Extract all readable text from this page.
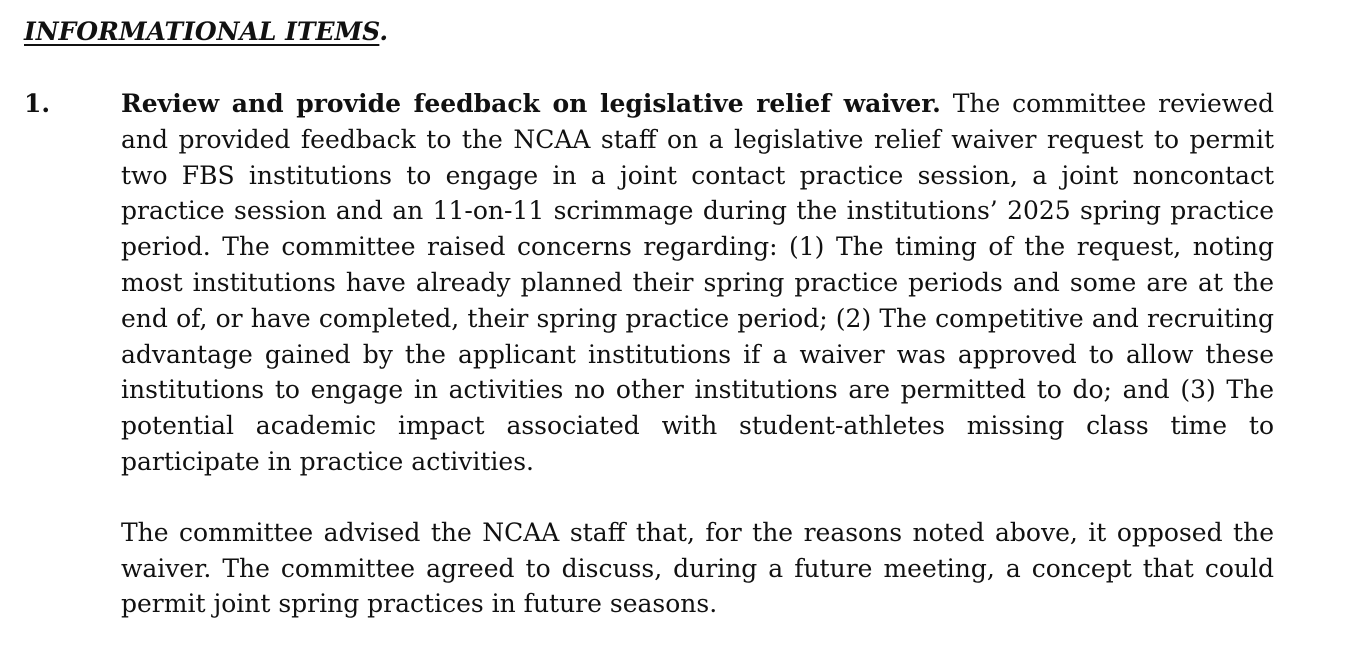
INFORMATIONAL ITEMS.
1.	Review and provide feedback on legislative relief waiver. The committee reviewed and provided feedback to the NCAA staff on a legislative relief waiver request to permit two FBS institutions to engage in a joint contact practice session, a joint noncontact practice session and an 11-on-11 scrimmage during the institutions’ 2025 spring practice period. The committee raised concerns regarding: (1) The timing of the request, noting most institutions have already planned their spring practice periods and some are at the end of, or have completed, their spring practice period; (2) The competitive and recruiting advantage gained by the applicant institutions if a waiver was approved to allow these institutions to engage in activities no other institutions are permitted to do; and (3) The potential academic impact associated with student-athletes missing class time to participate in practice activities.

The committee advised the NCAA staff that, for the reasons noted above, it opposed the waiver. The committee agreed to discuss, during a future meeting, a concept that could permit joint spring practices in future seasons.
